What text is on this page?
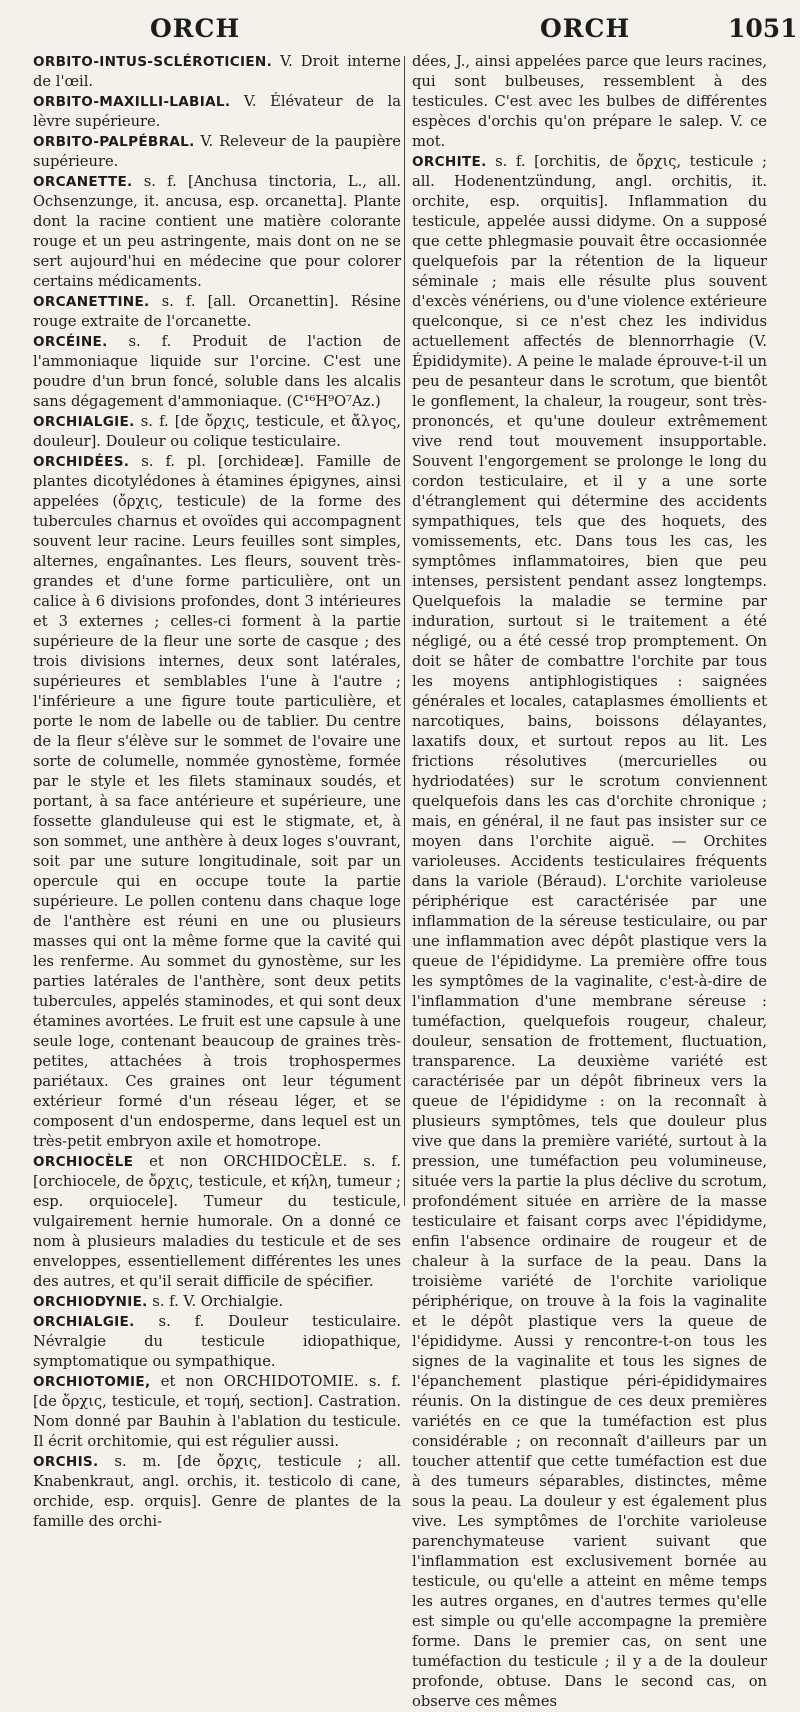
ORCH	ORCH	1051

ORBITO-INTUS-SCLÉROTICIEN. V. Droit interne de l'œil.

ORBITO-MAXILLI-LABIAL. V. Élévateur de la lèvre supérieure.

ORBITO-PALPÉBRAL. V. Releveur de la paupière supérieure.

ORCANETTE. s. f. [Anchusa tinctoria, L., all. Ochsenzunge, it. ancusa, esp. orcanetta]. Plante dont la racine contient une matière colorante rouge et un peu astringente, mais dont on ne se sert aujourd'hui en médecine que pour colorer certains médicaments.

ORCANETTINE. s. f. [all. Orcanettin]. Résine rouge extraite de l'orcanette.

ORCÉINE. s. f. Produit de l'action de l'ammoniaque liquide sur l'orcine. C'est une poudre d'un brun foncé, soluble dans les alcalis sans dégagement d'ammoniaque. (C¹⁶H⁹O⁷Az.)

ORCHIALGIE. s. f. [de ὄρχις, testicule, et ἄλγος, douleur]. Douleur ou colique testiculaire.

ORCHIDÉES. s. f. pl. [orchideæ]. Famille de plantes dicotylédones à étamines épigynes, ainsi appelées (ὄρχις, testicule) de la forme des tubercules charnus et ovoïdes qui accompagnent souvent leur racine. Leurs feuilles sont simples, alternes, engaînantes. Les fleurs, souvent très-grandes et d'une forme particulière, ont un calice à 6 divisions profondes, dont 3 intérieures et 3 externes ; celles-ci forment à la partie supérieure de la fleur une sorte de casque ; des trois divisions internes, deux sont latérales, supérieures et semblables l'une à l'autre ; l'inférieure a une figure toute particulière, et porte le nom de labelle ou de tablier. Du centre de la fleur s'élève sur le sommet de l'ovaire une sorte de columelle, nommée gynostème, formée par le style et les filets staminaux soudés, et portant, à sa face antérieure et supérieure, une fossette glanduleuse qui est le stigmate, et, à son sommet, une anthère à deux loges s'ouvrant, soit par une suture longitudinale, soit par un opercule qui en occupe toute la partie supérieure. Le pollen contenu dans chaque loge de l'anthère est réuni en une ou plusieurs masses qui ont la même forme que la cavité qui les renferme. Au sommet du gynostème, sur les parties latérales de l'anthère, sont deux petits tubercules, appelés staminodes, et qui sont deux étamines avortées. Le fruit est une capsule à une seule loge, contenant beaucoup de graines très-petites, attachées à trois trophospermes pariétaux. Ces graines ont leur tégument extérieur formé d'un réseau léger, et se composent d'un endosperme, dans lequel est un très-petit embryon axile et homotrope.

ORCHIOCÈLE et non ORCHIDOCÈLE. s. f. [orchiocele, de ὄρχις, testicule, et κήλη, tumeur ; esp. orquiocele]. Tumeur du testicule, vulgairement hernie humorale. On a donné ce nom à plusieurs maladies du testicule et de ses enveloppes, essentiellement différentes les unes des autres, et qu'il serait difficile de spécifier.

ORCHIODYNIE. s. f. V. Orchialgie.

ORCHIALGIE. s. f. Douleur testiculaire. Névralgie du testicule idiopathique, symptomatique ou sympathique.

ORCHIOTOMIE, et non ORCHIDOTOMIE. s. f. [de ὄρχις, testicule, et τομή, section]. Castration. Nom donné par Bauhin à l'ablation du testicule. Il écrit orchitomie, qui est régulier aussi.

ORCHIS. s. m. [de ὄρχις, testicule ; all. Knabenkraut, angl. orchis, it. testicolo di cane, orchide, esp. orquis]. Genre de plantes de la famille des orchi-

dées, J., ainsi appelées parce que leurs racines, qui sont bulbeuses, ressemblent à des testicules. C'est avec les bulbes de différentes espèces d'orchis qu'on prépare le salep. V. ce mot.

ORCHITE. s. f. [orchitis, de ὄρχις, testicule ; all. Hodenentzündung, angl. orchitis, it. orchite, esp. orquitis]. Inflammation du testicule, appelée aussi didyme. On a supposé que cette phlegmasie pouvait être occasionnée quelquefois par la rétention de la liqueur séminale ; mais elle résulte plus souvent d'excès vénériens, ou d'une violence extérieure quelconque, si ce n'est chez les individus actuellement affectés de blennorrhagie (V. Épididymite). A peine le malade éprouve-t-il un peu de pesanteur dans le scrotum, que bientôt le gonflement, la chaleur, la rougeur, sont très-prononcés, et qu'une douleur extrêmement vive rend tout mouvement insupportable. Souvent l'engorgement se prolonge le long du cordon testiculaire, et il y a une sorte d'étranglement qui détermine des accidents sympathiques, tels que des hoquets, des vomissements, etc. Dans tous les cas, les symptômes inflammatoires, bien que peu intenses, persistent pendant assez longtemps. Quelquefois la maladie se termine par induration, surtout si le traitement a été négligé, ou a été cessé trop promptement. On doit se hâter de combattre l'orchite par tous les moyens antiphlogistiques : saignées générales et locales, cataplasmes émollients et narcotiques, bains, boissons délayantes, laxatifs doux, et surtout repos au lit. Les frictions résolutives (mercurielles ou hydriodatées) sur le scrotum conviennent quelquefois dans les cas d'orchite chronique ; mais, en général, il ne faut pas insister sur ce moyen dans l'orchite aiguë. — Orchites varioleuses. Accidents testiculaires fréquents dans la variole (Béraud). L'orchite varioleuse périphérique est caractérisée par une inflammation de la séreuse testiculaire, ou par une inflammation avec dépôt plastique vers la queue de l'épididyme. La première offre tous les symptômes de la vaginalite, c'est-à-dire de l'inflammation d'une membrane séreuse : tuméfaction, quelquefois rougeur, chaleur, douleur, sensation de frottement, fluctuation, transparence. La deuxième variété est caractérisée par un dépôt fibrineux vers la queue de l'épididyme : on la reconnaît à plusieurs symptômes, tels que douleur plus vive que dans la première variété, surtout à la pression, une tuméfaction peu volumineuse, située vers la partie la plus déclive du scrotum, profondément située en arrière de la masse testiculaire et faisant corps avec l'épididyme, enfin l'absence ordinaire de rougeur et de chaleur à la surface de la peau. Dans la troisième variété de l'orchite variolique périphérique, on trouve à la fois la vaginalite et le dépôt plastique vers la queue de l'épididyme. Aussi y rencontre-t-on tous les signes de la vaginalite et tous les signes de l'épanchement plastique péri-épididymaires réunis. On la distingue de ces deux premières variétés en ce que la tuméfaction est plus considérable ; on reconnaît d'ailleurs par un toucher attentif que cette tuméfaction est due à des tumeurs séparables, distinctes, même sous la peau. La douleur y est également plus vive. Les symptômes de l'orchite varioleuse parenchymateuse varient suivant que l'inflammation est exclusivement bornée au testicule, ou qu'elle a atteint en même temps les autres organes, en d'autres termes qu'elle est simple ou qu'elle accompagne la première forme. Dans le premier cas, on sent une tuméfaction du testicule ; il y a de la douleur profonde, obtuse. Dans le second cas, on observe ces mêmes
